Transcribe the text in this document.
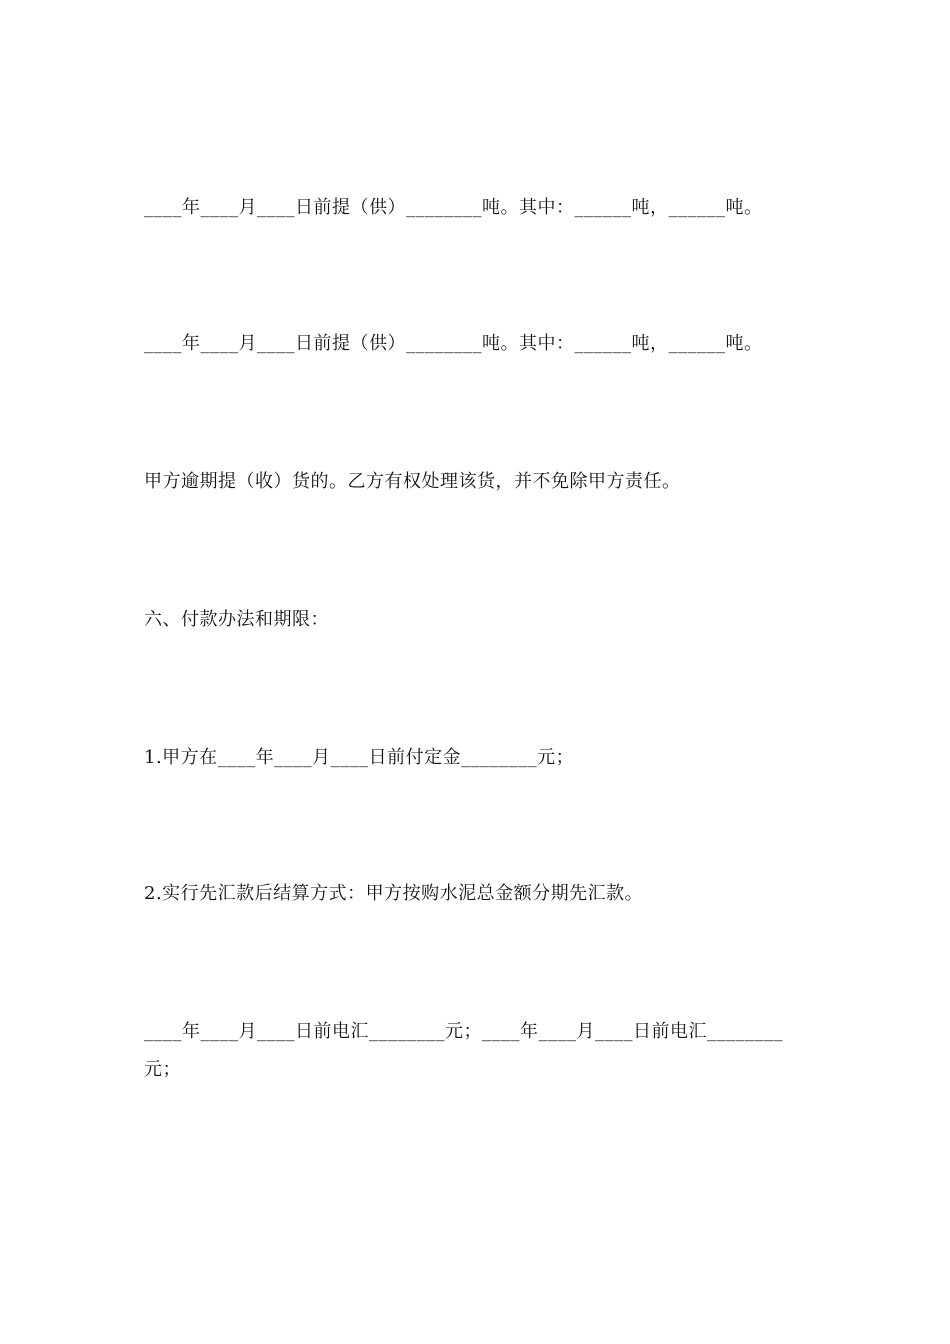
____年____月____日前提（供）________吨。其中：______吨，______吨。
____年____月____日前提（供）________吨。其中：______吨，______吨。
甲方逾期提（收）货的。乙方有权处理该货，并不免除甲方责任。
六、付款办法和期限：
1.甲方在____年____月____日前付定金________元；
2.实行先汇款后结算方式：甲方按购水泥总金额分期先汇款。
____年____月____日前电汇________元；____年____月____日前电汇________
元；
